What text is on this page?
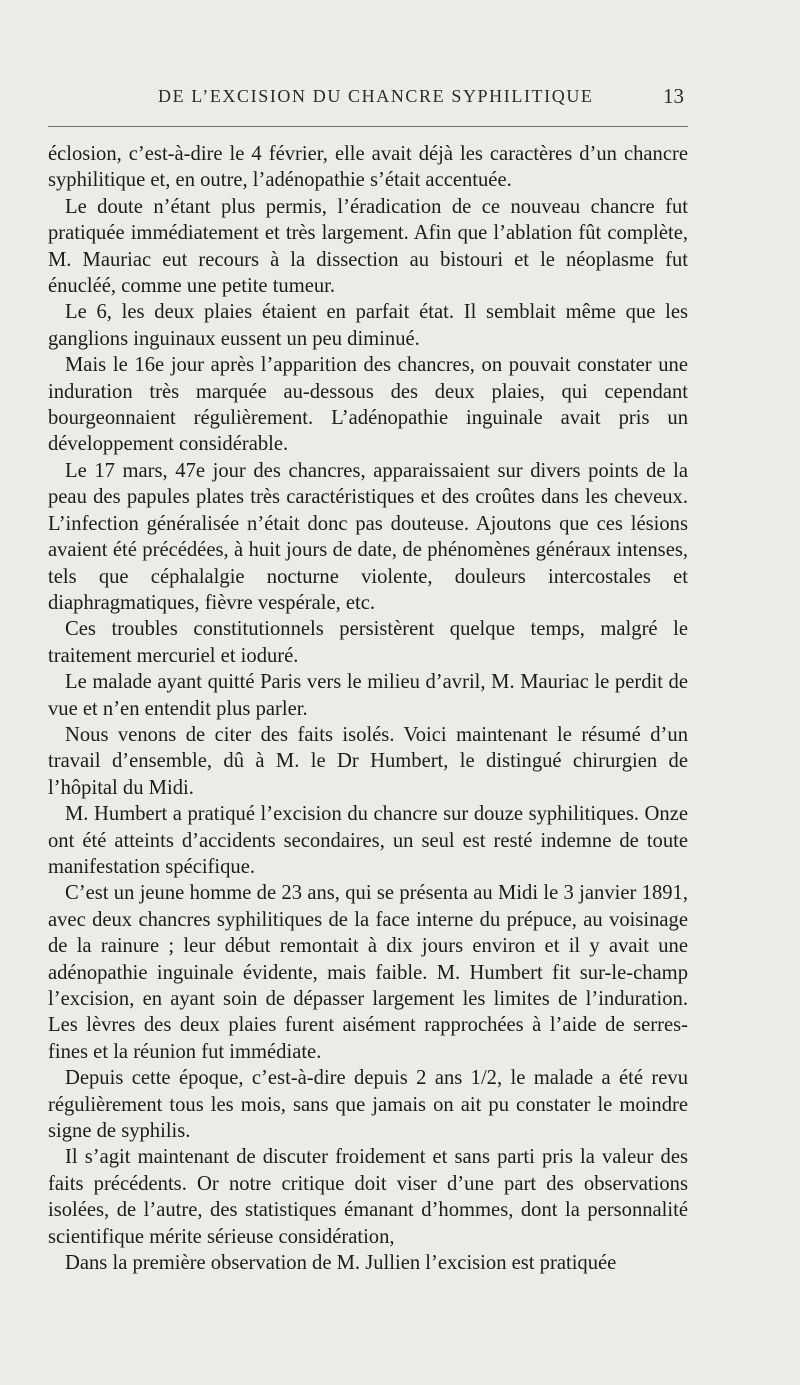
DE L’EXCISION DU CHANCRE SYPHILITIQUE	13

éclosion, c’est-à-dire le 4 février, elle avait déjà les caractères d’un chancre syphilitique et, en outre, l’adénopathie s’était accentuée.

Le doute n’étant plus permis, l’éradication de ce nouveau chancre fut pratiquée immédiatement et très largement. Afin que l’ablation fût complète, M. Mauriac eut recours à la dissection au bistouri et le néoplasme fut énucléé, comme une petite tumeur.

Le 6, les deux plaies étaient en parfait état. Il semblait même que les ganglions inguinaux eussent un peu diminué.

Mais le 16e jour après l’apparition des chancres, on pouvait constater une induration très marquée au-dessous des deux plaies, qui cependant bourgeonnaient régulièrement. L’adénopathie inguinale avait pris un développement considérable.

Le 17 mars, 47e jour des chancres, apparaissaient sur divers points de la peau des papules plates très caractéristiques et des croûtes dans les cheveux. L’infection généralisée n’était donc pas douteuse. Ajoutons que ces lésions avaient été précédées, à huit jours de date, de phénomènes généraux intenses, tels que céphalalgie nocturne violente, douleurs intercostales et diaphragmatiques, fièvre vespérale, etc.

Ces troubles constitutionnels persistèrent quelque temps, malgré le traitement mercuriel et ioduré.

Le malade ayant quitté Paris vers le milieu d’avril, M. Mauriac le perdit de vue et n’en entendit plus parler.

Nous venons de citer des faits isolés. Voici maintenant le résumé d’un travail d’ensemble, dû à M. le Dr Humbert, le distingué chirurgien de l’hôpital du Midi.

M. Humbert a pratiqué l’excision du chancre sur douze syphilitiques. Onze ont été atteints d’accidents secondaires, un seul est resté indemne de toute manifestation spécifique.

C’est un jeune homme de 23 ans, qui se présenta au Midi le 3 janvier 1891, avec deux chancres syphilitiques de la face interne du prépuce, au voisinage de la rainure ; leur début remontait à dix jours environ et il y avait une adénopathie inguinale évidente, mais faible. M. Humbert fit sur-le-champ l’excision, en ayant soin de dépasser largement les limites de l’induration. Les lèvres des deux plaies furent aisément rapprochées à l’aide de serres-fines et la réunion fut immédiate.

Depuis cette époque, c’est-à-dire depuis 2 ans 1/2, le malade a été revu régulièrement tous les mois, sans que jamais on ait pu constater le moindre signe de syphilis.

Il s’agit maintenant de discuter froidement et sans parti pris la valeur des faits précédents. Or notre critique doit viser d’une part des observations isolées, de l’autre, des statistiques émanant d’hommes, dont la personnalité scientifique mérite sérieuse considération,

Dans la première observation de M. Jullien l’excision est pratiquée
